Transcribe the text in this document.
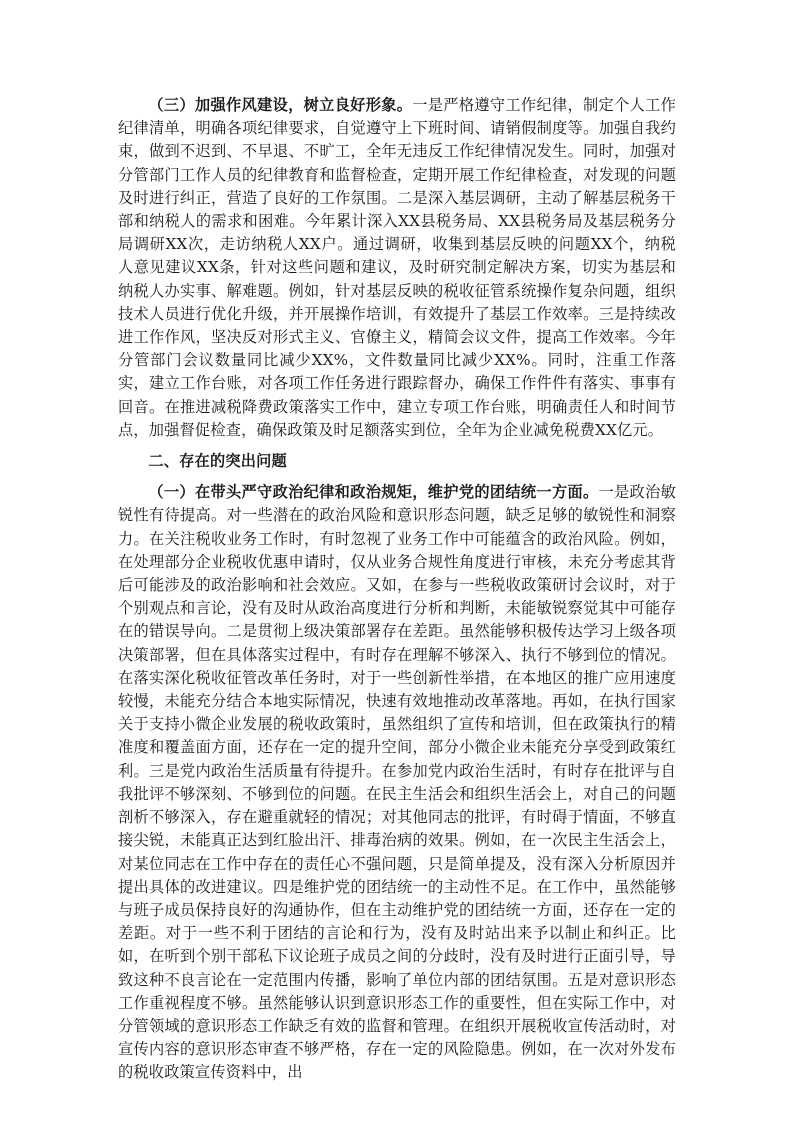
（三）加强作风建设，树立良好形象。一是严格遵守工作纪律，制定个人工作纪律清单，明确各项纪律要求，自觉遵守上下班时间、请销假制度等。加强自我约束，做到不迟到、不早退、不旷工，全年无违反工作纪律情况发生。同时，加强对分管部门工作人员的纪律教育和监督检查，定期开展工作纪律检查，对发现的问题及时进行纠正，营造了良好的工作氛围。二是深入基层调研，主动了解基层税务干部和纳税人的需求和困难。今年累计深入XX县税务局、XX县税务局及基层税务分局调研XX次，走访纳税人XX户。通过调研，收集到基层反映的问题XX个，纳税人意见建议XX条，针对这些问题和建议，及时研究制定解决方案，切实为基层和纳税人办实事、解难题。例如，针对基层反映的税收征管系统操作复杂问题，组织技术人员进行优化升级，并开展操作培训，有效提升了基层工作效率。三是持续改进工作作风，坚决反对形式主义、官僚主义，精简会议文件，提高工作效率。今年分管部门会议数量同比减少XX%，文件数量同比减少XX%。同时，注重工作落实，建立工作台账，对各项工作任务进行跟踪督办，确保工作件件有落实、事事有回音。在推进减税降费政策落实工作中，建立专项工作台账，明确责任人和时间节点，加强督促检查，确保政策及时足额落实到位，全年为企业减免税费XX亿元。

二、存在的突出问题

（一）在带头严守政治纪律和政治规矩，维护党的团结统一方面。一是政治敏锐性有待提高。对一些潜在的政治风险和意识形态问题，缺乏足够的敏锐性和洞察力。在关注税收业务工作时，有时忽视了业务工作中可能蕴含的政治风险。例如，在处理部分企业税收优惠申请时，仅从业务合规性角度进行审核，未充分考虑其背后可能涉及的政治影响和社会效应。又如，在参与一些税收政策研讨会议时，对于个别观点和言论，没有及时从政治高度进行分析和判断，未能敏锐察觉其中可能存在的错误导向。二是贯彻上级决策部署存在差距。虽然能够积极传达学习上级各项决策部署，但在具体落实过程中，有时存在理解不够深入、执行不够到位的情况。在落实深化税收征管改革任务时，对于一些创新性举措，在本地区的推广应用速度较慢，未能充分结合本地实际情况，快速有效地推动改革落地。再如，在执行国家关于支持小微企业发展的税收政策时，虽然组织了宣传和培训，但在政策执行的精准度和覆盖面方面，还存在一定的提升空间，部分小微企业未能充分享受到政策红利。三是党内政治生活质量有待提升。在参加党内政治生活时，有时存在批评与自我批评不够深刻、不够到位的问题。在民主生活会和组织生活会上，对自己的问题剖析不够深入，存在避重就轻的情况；对其他同志的批评，有时碍于情面，不够直接尖锐，未能真正达到红脸出汗、排毒治病的效果。例如，在一次民主生活会上，对某位同志在工作中存在的责任心不强问题，只是简单提及，没有深入分析原因并提出具体的改进建议。四是维护党的团结统一的主动性不足。在工作中，虽然能够与班子成员保持良好的沟通协作，但在主动维护党的团结统一方面，还存在一定的差距。对于一些不利于团结的言论和行为，没有及时站出来予以制止和纠正。比如，在听到个别干部私下议论班子成员之间的分歧时，没有及时进行正面引导，导致这种不良言论在一定范围内传播，影响了单位内部的团结氛围。五是对意识形态工作重视程度不够。虽然能够认识到意识形态工作的重要性，但在实际工作中，对分管领域的意识形态工作缺乏有效的监督和管理。在组织开展税收宣传活动时，对宣传内容的意识形态审查不够严格，存在一定的风险隐患。例如，在一次对外发布的税收政策宣传资料中，出
